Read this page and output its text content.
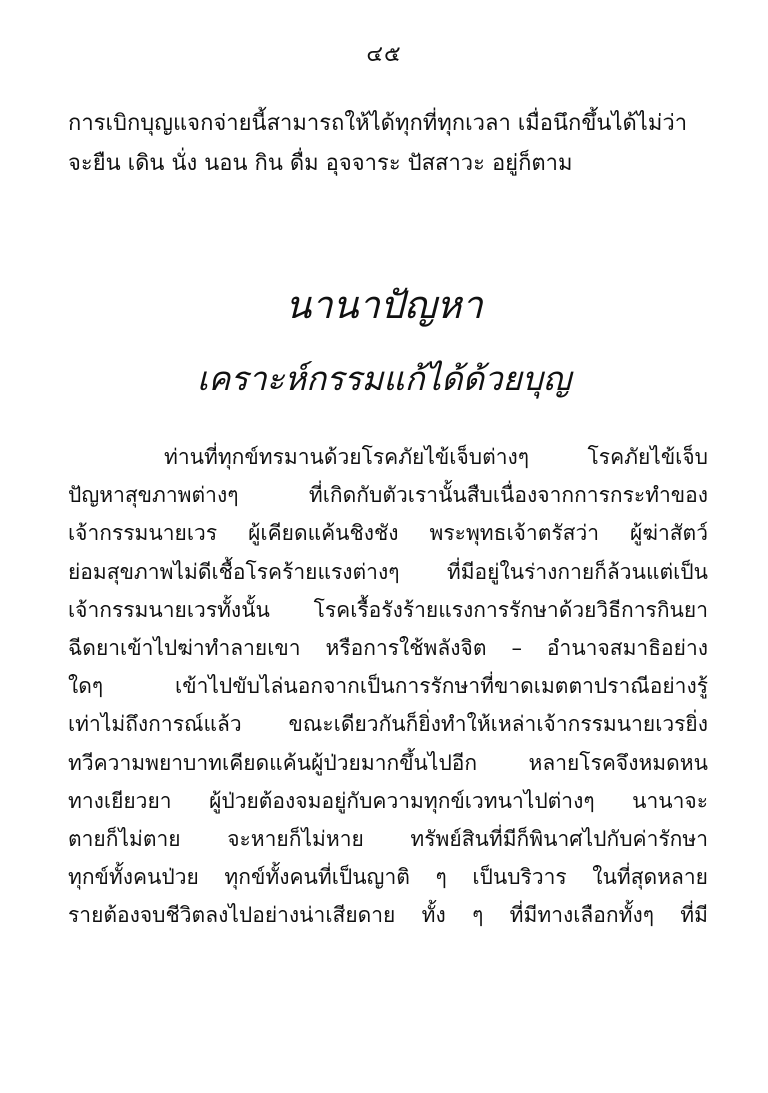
๔๕
การเบิกบุญแจกจ่ายนี้สามารถให้ได้ทุกที่ทุกเวลา เมื่อนึกขึ้นได้ไม่ว่า
จะยืน เดิน นั่ง นอน กิน ดื่ม อุจจาระ ปัสสาวะ อยู่ก็ตาม
นานาปัญหา
เคราะห์กรรมแก้ได้ด้วยบุญ
ท่านที่ทุกข์ทรมานด้วยโรคภัยไข้เจ็บต่างๆ โรคภัยไข้เจ็บ
ปัญหาสุขภาพต่างๆ ที่เกิดกับตัวเรานั้นสืบเนื่องจากการกระทำของ
เจ้ากรรมนายเวร ผู้เคียดแค้นชิงชัง พระพุทธเจ้าตรัสว่า ผู้ฆ่าสัตว์
ย่อมสุขภาพไม่ดีเชื้อโรคร้ายแรงต่างๆ ที่มีอยู่ในร่างกายก็ล้วนแต่เป็น
เจ้ากรรมนายเวรทั้งนั้น โรคเรื้อรังร้ายแรงการรักษาด้วยวิธีการกินยา
ฉีดยาเข้าไปฆ่าทำลายเขา หรือการใช้พลังจิต – อำนาจสมาธิอย่าง
ใดๆ เข้าไปขับไล่นอกจากเป็นการรักษาที่ขาดเมตตาปราณีอย่างรู้
เท่าไม่ถึงการณ์แล้ว ขณะเดียวกันก็ยิ่งทำให้เหล่าเจ้ากรรมนายเวรยิ่ง
ทวีความพยาบาทเคียดแค้นผู้ป่วยมากขึ้นไปอีก หลายโรคจึงหมดหน
ทางเยียวยา ผู้ป่วยต้องจมอยู่กับความทุกข์เวทนาไปต่างๆ นานาจะ
ตายก็ไม่ตาย จะหายก็ไม่หาย ทรัพย์สินที่มีก็พินาศไปกับค่ารักษา
ทุกข์ทั้งคนป่วย ทุกข์ทั้งคนที่เป็นญาติ ๆ เป็นบริวาร ในที่สุดหลาย
รายต้องจบชีวิตลงไปอย่างน่าเสียดาย ทั้ง ๆ ที่มีทางเลือกทั้งๆ ที่มี
